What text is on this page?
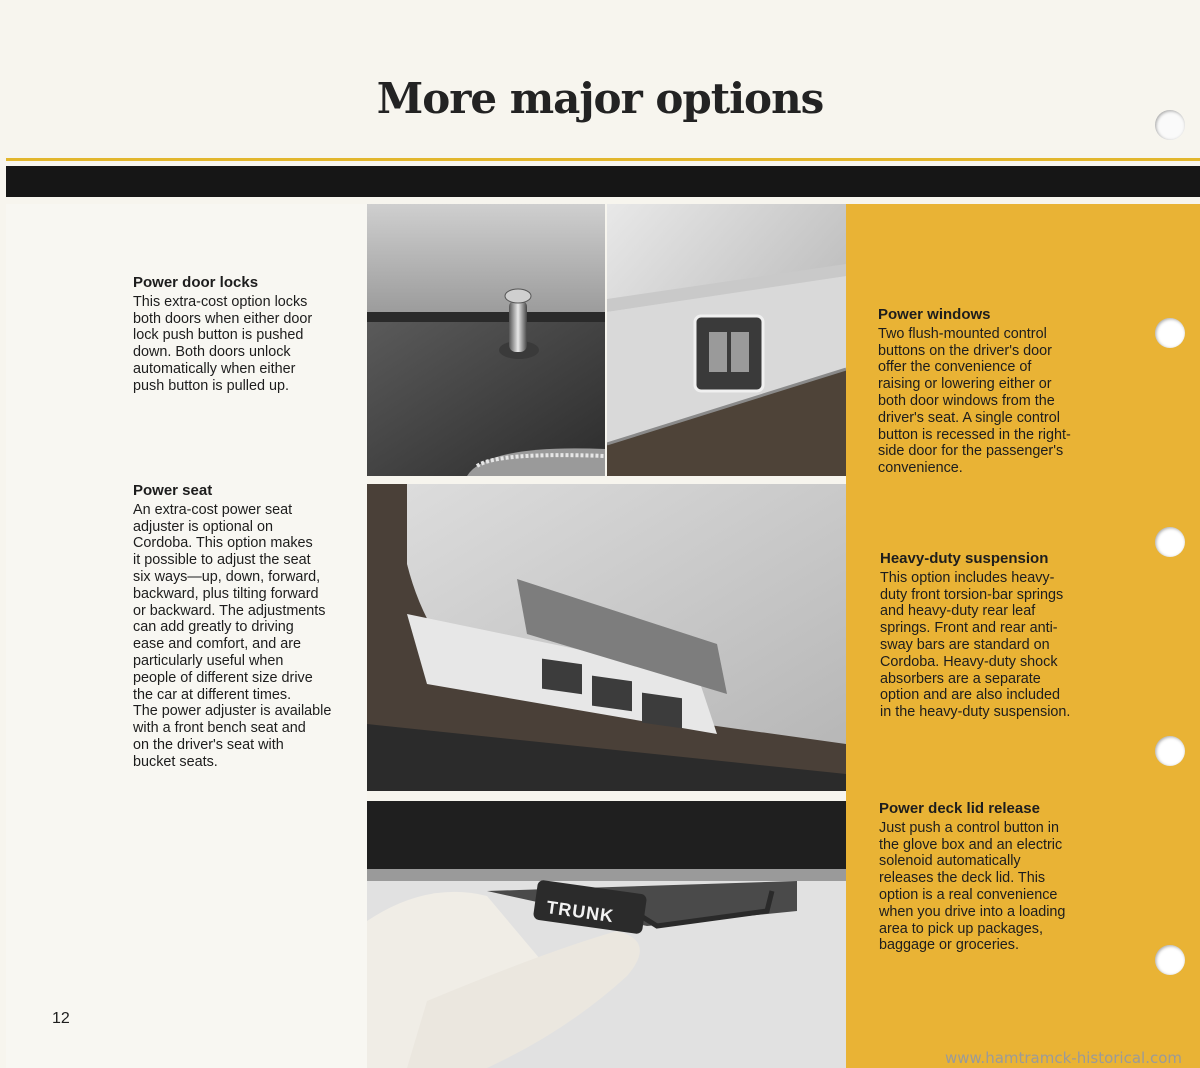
More major options
Power door locks

This extra-cost option locks
both doors when either door
lock push button is pushed
down. Both doors unlock
automatically when either
push button is pulled up.

Power seat

An extra-cost power seat
adjuster is optional on
Cordoba. This option makes
it possible to adjust the seat
six ways—up, down, forward,
backward, plus tilting forward
or backward. The adjustments
can add greatly to driving
ease and comfort, and are
particularly useful when
people of different size drive
the car at different times.
The power adjuster is available
with a front bench seat and
on the driver's seat with
bucket seats.

Power windows

Two flush-mounted control
buttons on the driver's door
offer the convenience of
raising or lowering either or
both door windows from the
driver's seat. A single control
button is recessed in the right-
side door for the passenger's
convenience.

Heavy-duty suspension

This option includes heavy-
duty front torsion-bar springs
and heavy-duty rear leaf
springs. Front and rear anti-
sway bars are standard on
Cordoba. Heavy-duty shock
absorbers are a separate
option and are also included
in the heavy-duty suspension.

Power deck lid release

Just push a control button in
the glove box and an electric
solenoid automatically
releases the deck lid. This
option is a real convenience
when you drive into a loading
area to pick up packages,
baggage or groceries.

TRUNK
12
www.hamtramck-historical.com
